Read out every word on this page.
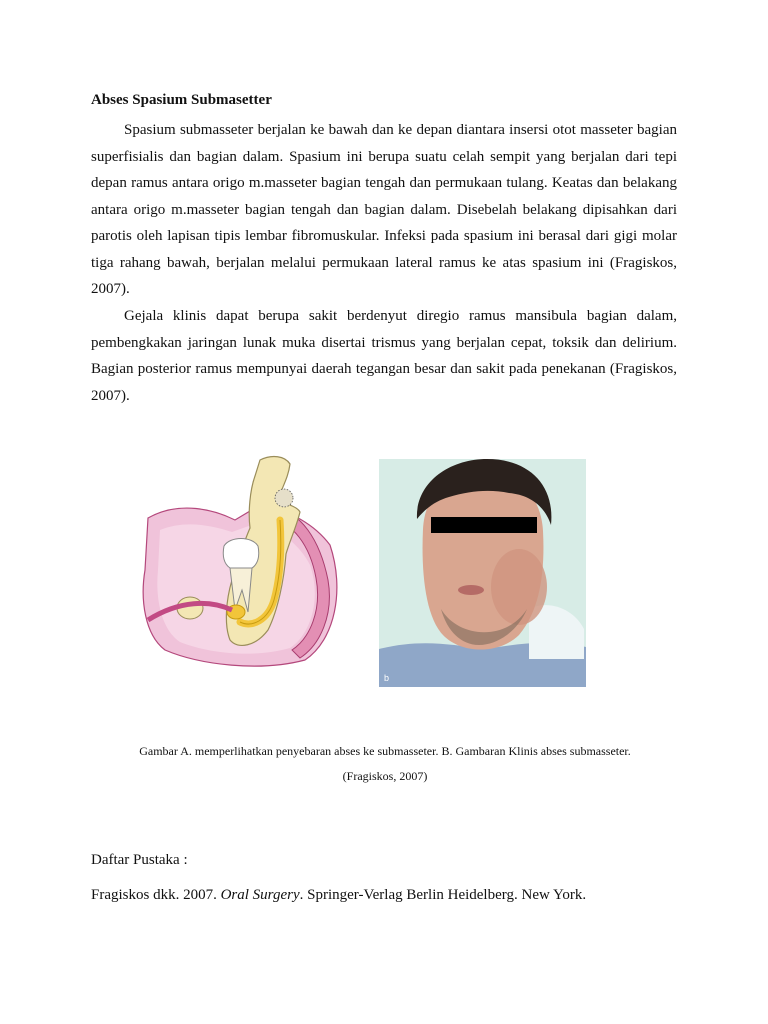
Abses Spasium Submasetter

Spasium submasseter berjalan ke bawah dan ke depan diantara insersi otot masseter bagian superfisialis dan bagian dalam. Spasium ini berupa suatu celah sempit yang berjalan dari tepi depan ramus antara origo m.masseter bagian tengah dan permukaan tulang. Keatas dan belakang antara origo m.masseter bagian tengah dan bagian dalam. Disebelah belakang dipisahkan dari parotis oleh lapisan tipis lembar fibromuskular. Infeksi pada spasium ini berasal dari gigi molar tiga rahang bawah, berjalan melalui permukaan lateral ramus ke atas spasium ini (Fragiskos, 2007).

Gejala klinis dapat berupa sakit berdenyut diregio ramus mansibula bagian dalam, pembengkakan jaringan lunak muka disertai trismus yang berjalan cepat, toksik dan delirium. Bagian posterior ramus mempunyai daerah tegangan besar dan sakit pada penekanan (Fragiskos, 2007).

b
Gambar A. memperlihatkan penyebaran abses ke submasseter. B. Gambaran Klinis abses submasseter.
(Fragiskos, 2007)
Daftar Pustaka :
Fragiskos dkk. 2007. Oral Surgery. Springer-Verlag Berlin Heidelberg. New York.
